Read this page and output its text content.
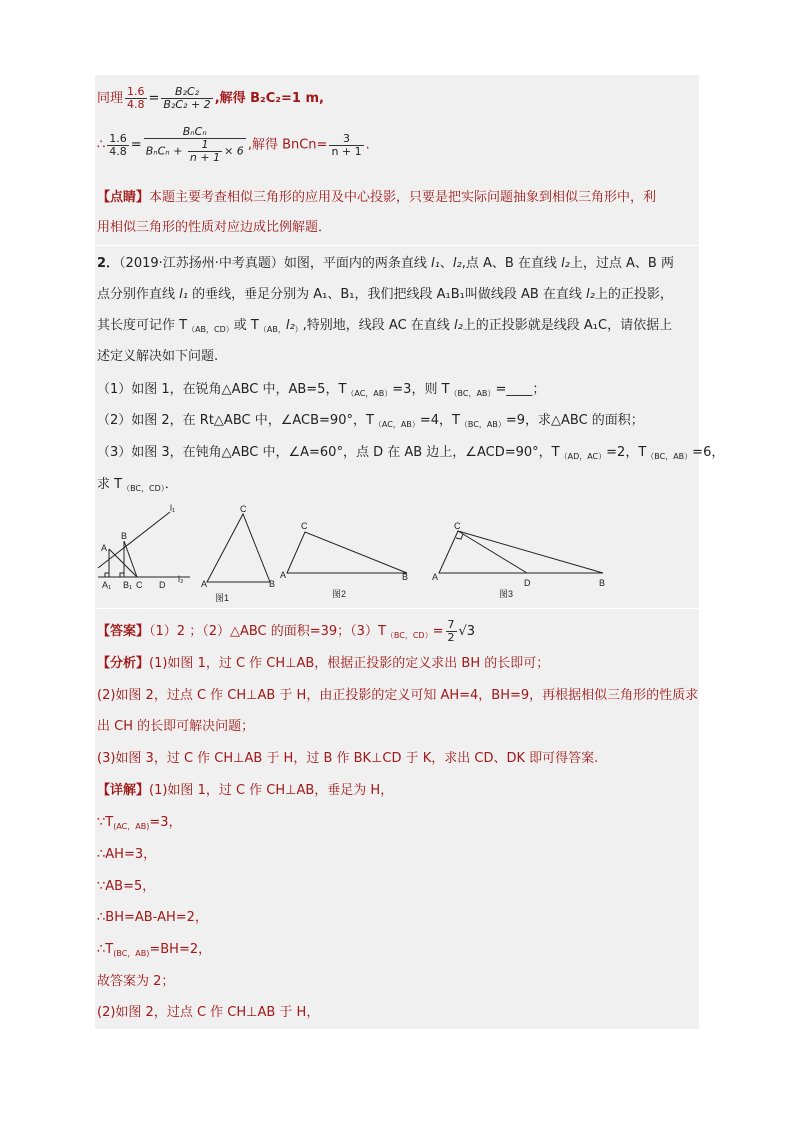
同理 $\frac{1.6}{4.8} = \frac{\text{B₂C₂}}{\text{B₂C₂ + 2}}$ ,解得 B₂C₂=1 m,
∴ $\frac{1.6}{4.8} = \frac{\text{BₙCₙ}}{B_nC_n + \frac{1}{n + 1} \times 6}$ ,解得 BnCn= $\frac{3}{n + 1}$ .
【点睛】本题主要考查相似三角形的应用及中心投影，只要是把实际问题抽象到相似三角形中，利
用相似三角形的性质对应边成比例解题．
2．（2019·江苏扬州·中考真题）如图，平面内的两条直线 l₁、l₂,点 A、B 在直线 l₂上，过点 A、B 两
点分别作直线 l₁ 的垂线，垂足分别为 A₁、B₁，我们把线段 A₁B₁叫做线段 AB 在直线 l₂上的正投影，
其长度可记作 $T_{(AB,CD)}$或 $T_{(AB,}l_2_)$,特别地，线段 AC 在直线 l₂上的正投影就是线段 A₁C，请依据上
述定义解决如下问题.
（1）如图 1，在锐角△ABC 中，AB=5，$T_{(AC,AB)}=3$，则 $T_{(BC,AB)}=\_\_\_\_$；
（2）如图 2，在 Rt△ABC 中，∠ACB=90°，$T_{(AC,AB)}=4$，$T_{(BC,AB)}=9$，求△ABC 的面积；
（3）如图 3，在钝角△ABC 中，∠A=60°，点 D 在 AB 边上，∠ACD=90°，$T_{(AD,AC)}=2$，$T_{(BC,AB)}=6$，
求 $T_{(BC,CD)}$．
l₁
l₂
A
B
C D
A₁ B₁	A
C
B
图1
A
C
B
图2
A
C
D	B
图3
【答案】（1）2 ；（2）△ABC 的面积=39；$(3)T_{(BC,CD)}= \frac{7}{2} √3$
【分析】(1)如图 1，过 C 作 CH⊥AB，根据正投影的定义求出 BH 的长即可；
(2)如图 2，过点 C 作 CH⊥AB 于 H，由正投影的定义可知 AH=4，BH=9，再根据相似三角形的性质求
出 CH 的长即可解决问题；
(3)如图 3，过 C 作 CH⊥AB 于 H，过 B 作 BK⊥CD 于 K，求出 CD、DK 即可得答案.
【详解】(1)如图 1，过 C 作 CH⊥AB，垂足为 H，
$\because T_{(AC,AB)}=3$，
∴AH=3，
∵AB=5，
∴BH=AB-AH=2，
$\therefore T_{(BC,AB)}=BH=2$，
故答案为 2；
(2)如图 2，过点 C 作 CH⊥AB 于 H，
